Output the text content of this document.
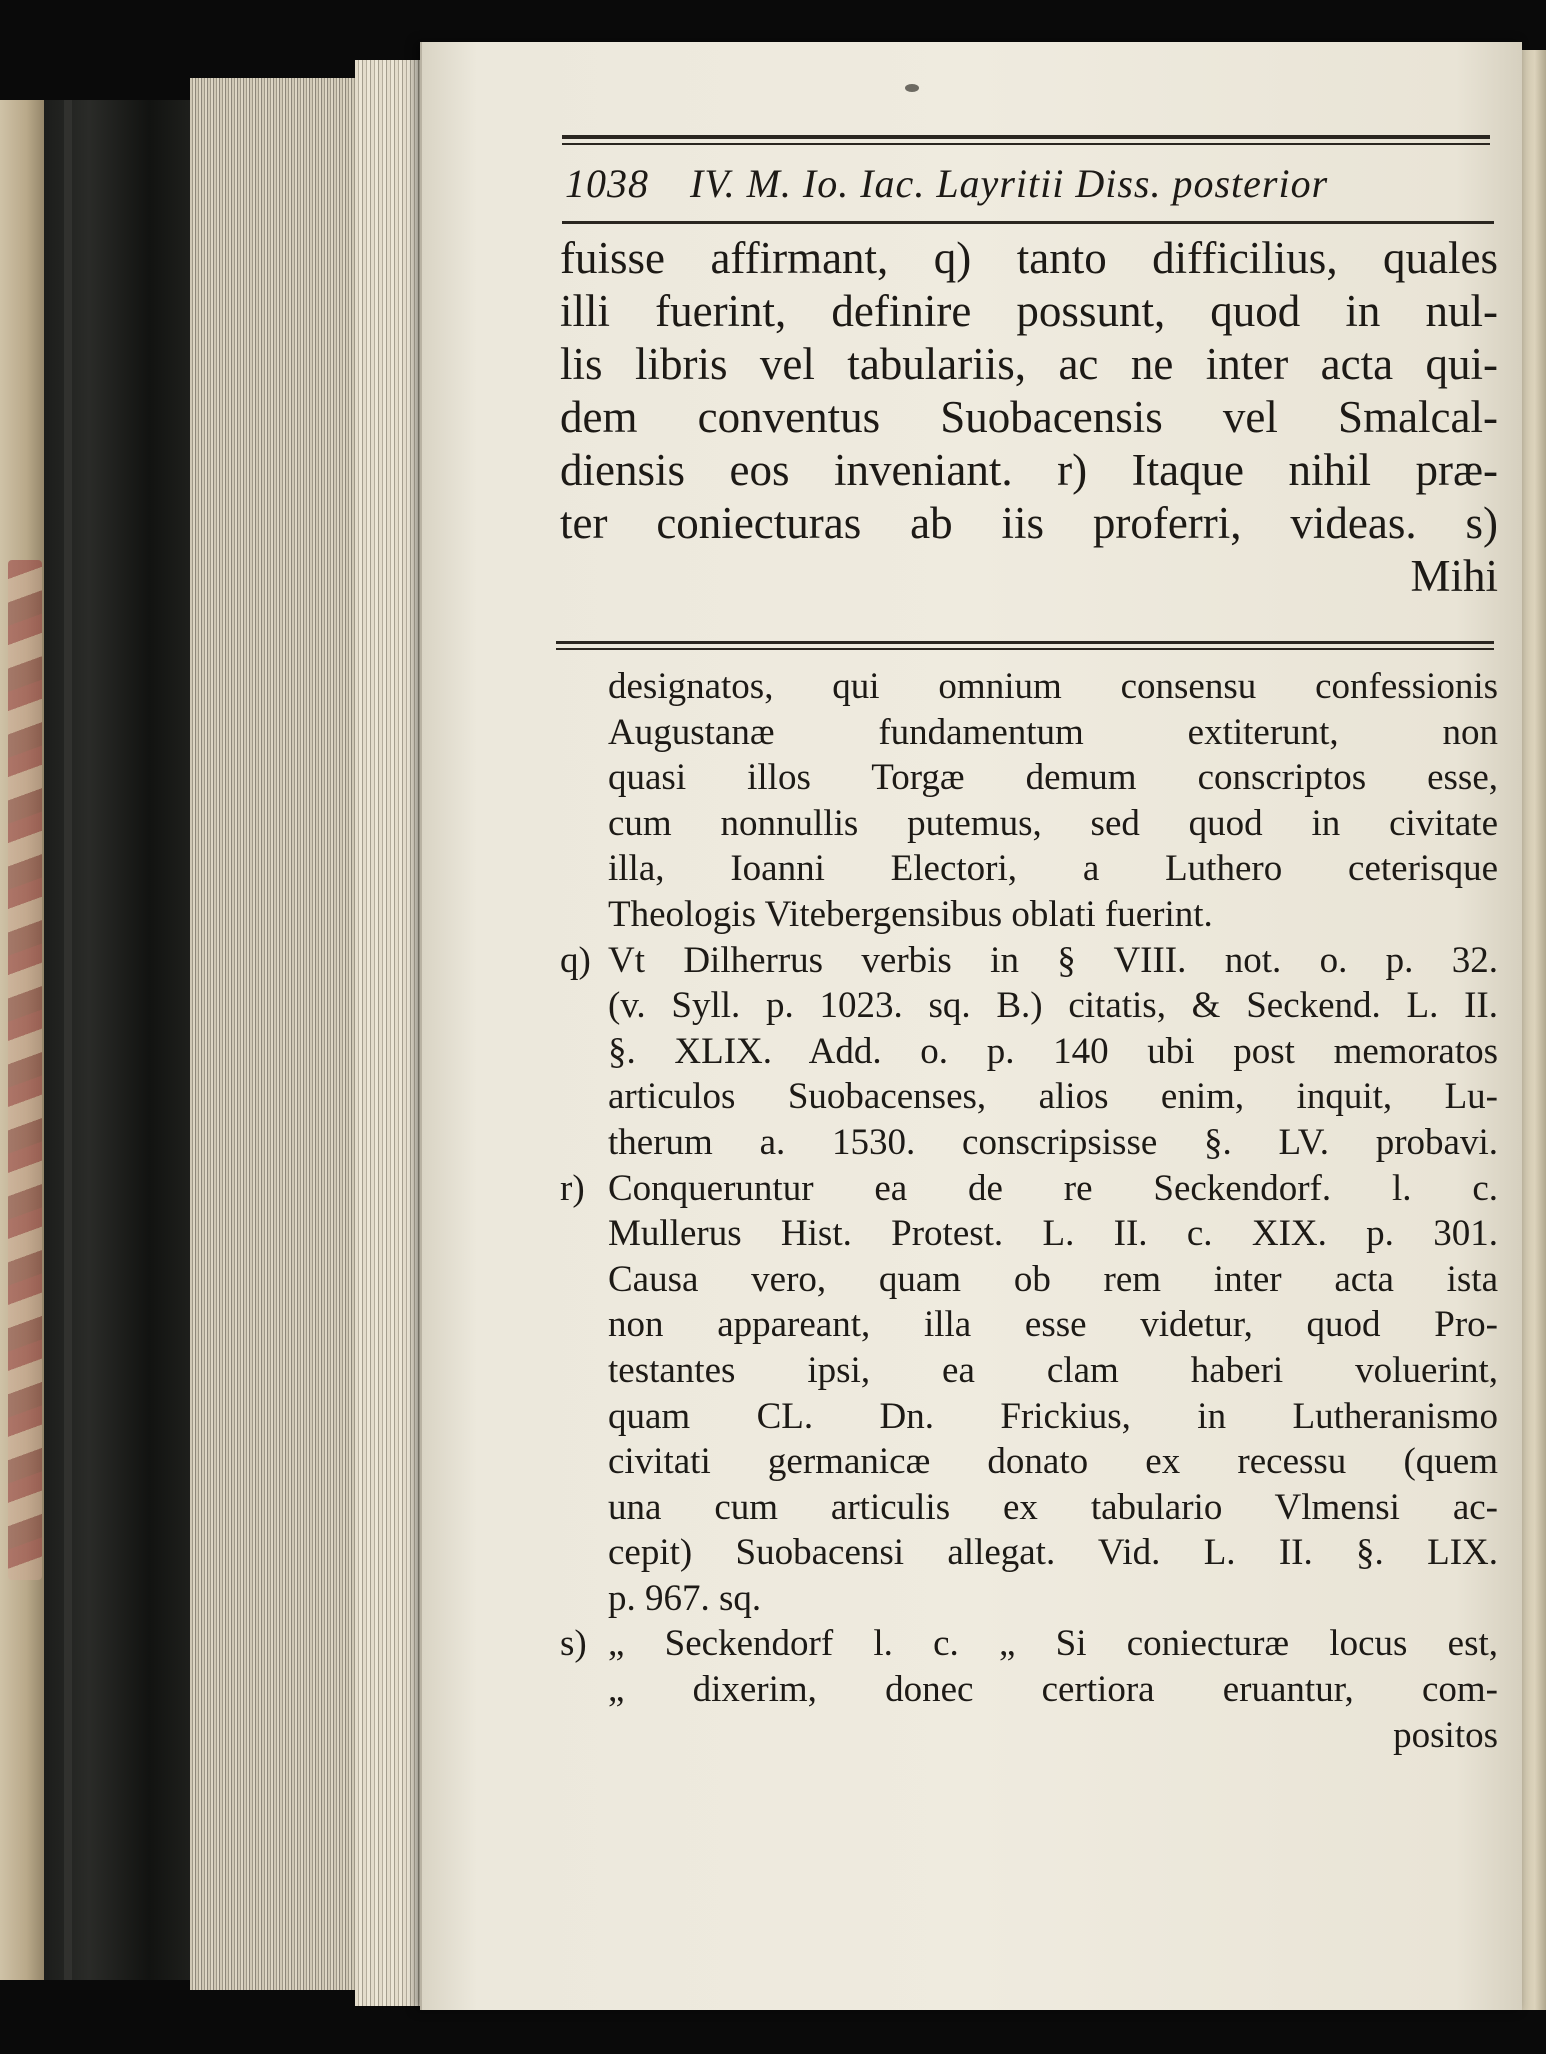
1038 IV. M. Io. Iac. Layritii Diss. posterior
fuisse affirmant, q) tanto difficilius, quales
illi fuerint, definire possunt, quod in nul-
lis libris vel tabulariis, ac ne inter acta qui-
dem conventus Suobacensis vel Smalcal-
diensis eos inveniant. r) Itaque nihil præ-
ter coniecturas ab iis proferri, videas. s)
Mihi
designatos, qui omnium consensu confessionis
Augustanæ fundamentum extiterunt, non
quasi illos Torgæ demum conscriptos esse,
cum nonnullis putemus, sed quod in civitate
illa, Ioanni Electori, a Luthero ceterisque
Theologis Vitebergensibus oblati fuerint.
q) Vt Dilherrus verbis in § VIII. not. o. p. 32.
(v. Syll. p. 1023. sq. B.) citatis, & Seckend. L. II.
§. XLIX. Add. o. p. 140 ubi post memoratos
articulos Suobacenses, alios enim, inquit, Lu-
therum a. 1530. conscripsisse §. LV. probavi.
r) Conqueruntur ea de re Seckendorf. l. c.
Mullerus Hist. Protest. L. II. c. XIX. p. 301.
Causa vero, quam ob rem inter acta ista
non appareant, illa esse videtur, quod Pro-
testantes ipsi, ea clam haberi voluerint,
quam CL. Dn. Frickius, in Lutheranismo
civitati germanicæ donato ex recessu (quem
una cum articulis ex tabulario Vlmensi ac-
cepit) Suobacensi allegat. Vid. L. II. §. LIX.
p. 967. sq.
s) „ Seckendorf l. c. „ Si coniecturæ locus est,
„ dixerim, donec certiora eruantur, com-
positos
